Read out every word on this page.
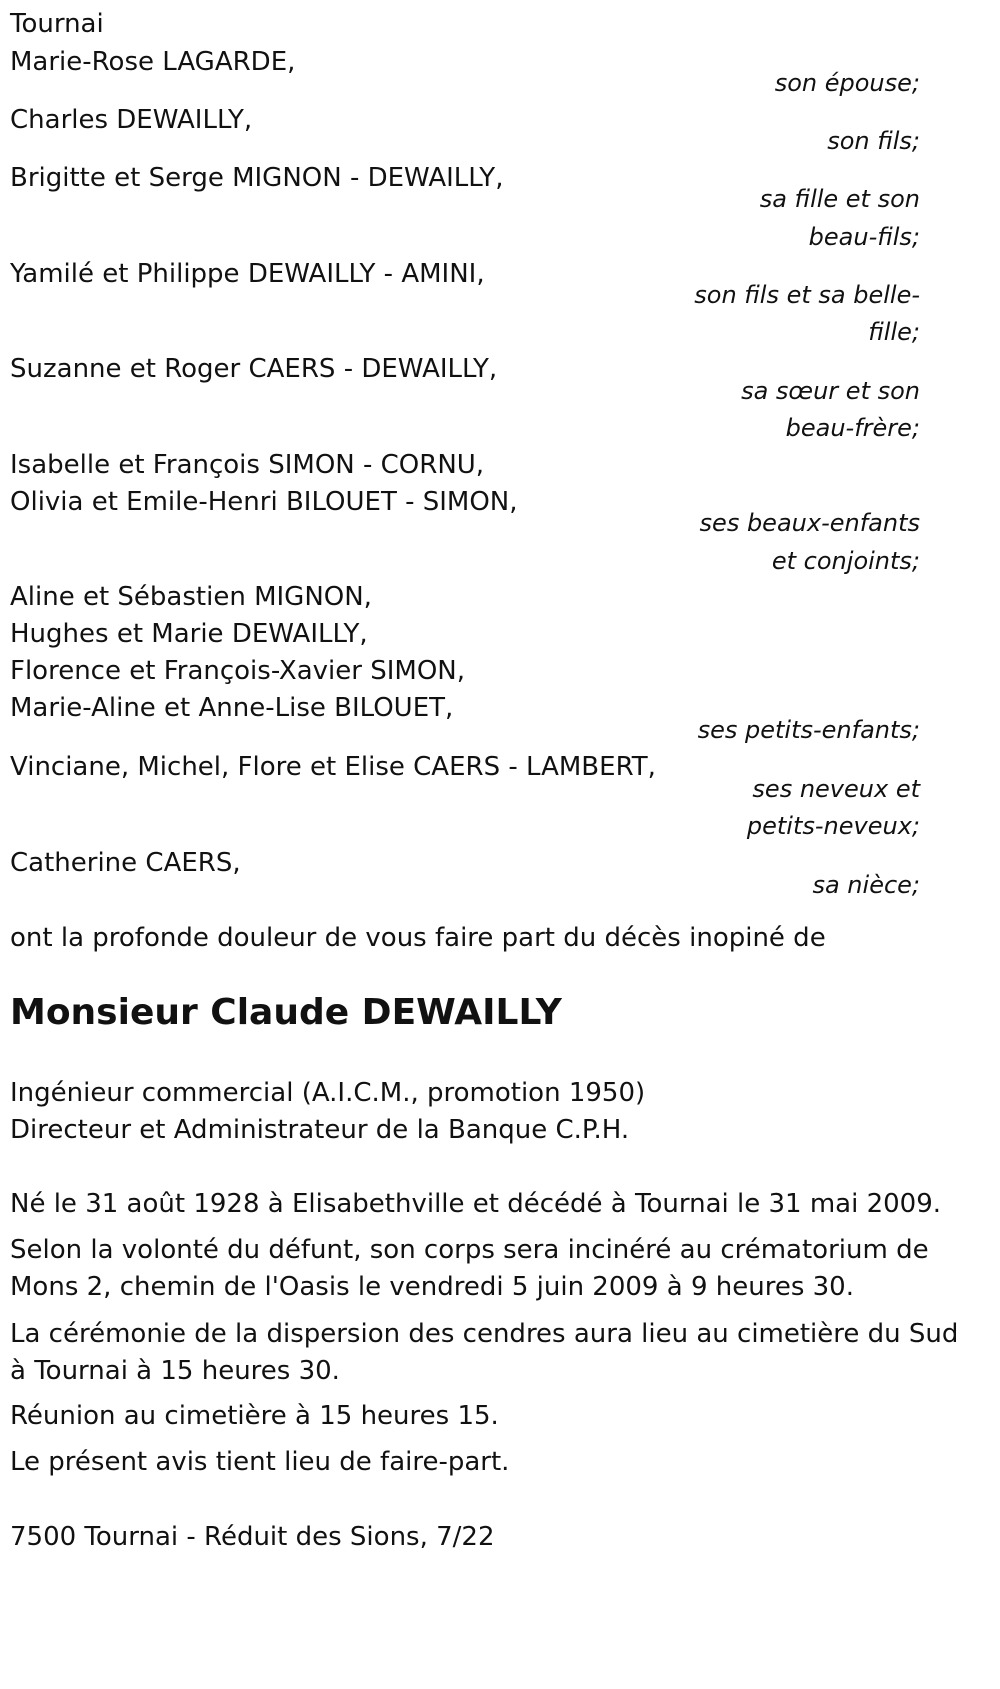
Tournai
Marie-Rose LAGARDE,
son épouse;
Charles DEWAILLY,
son fils;
Brigitte et Serge MIGNON - DEWAILLY,
sa fille et son
beau-fils;
Yamilé et Philippe DEWAILLY - AMINI,
son fils et sa belle-
fille;
Suzanne et Roger CAERS - DEWAILLY,
sa sœur et son
beau-frère;
Isabelle et François SIMON - CORNU,
Olivia et Emile-Henri BILOUET - SIMON,
ses beaux-enfants
et conjoints;
Aline et Sébastien MIGNON,
Hughes et Marie DEWAILLY,
Florence et François-Xavier SIMON,
Marie-Aline et Anne-Lise BILOUET,
ses petits-enfants;
Vinciane, Michel, Flore et Elise CAERS - LAMBERT,
ses neveux et
petits-neveux;
Catherine CAERS,
sa nièce;
ont la profonde douleur de vous faire part du décès inopiné de
Monsieur Claude DEWAILLY
Ingénieur commercial (A.I.C.M., promotion 1950)
Directeur et Administrateur de la Banque C.P.H.
Né le 31 août 1928 à Elisabethville et décédé à Tournai le 31 mai 2009.
Selon la volonté du défunt, son corps sera incinéré au crématorium de
Mons 2, chemin de l'Oasis le vendredi 5 juin 2009 à 9 heures 30.
La cérémonie de la dispersion des cendres aura lieu au cimetière du Sud
à Tournai à 15 heures 30.
Réunion au cimetière à 15 heures 15.
Le présent avis tient lieu de faire-part.
7500 Tournai - Réduit des Sions, 7/22
